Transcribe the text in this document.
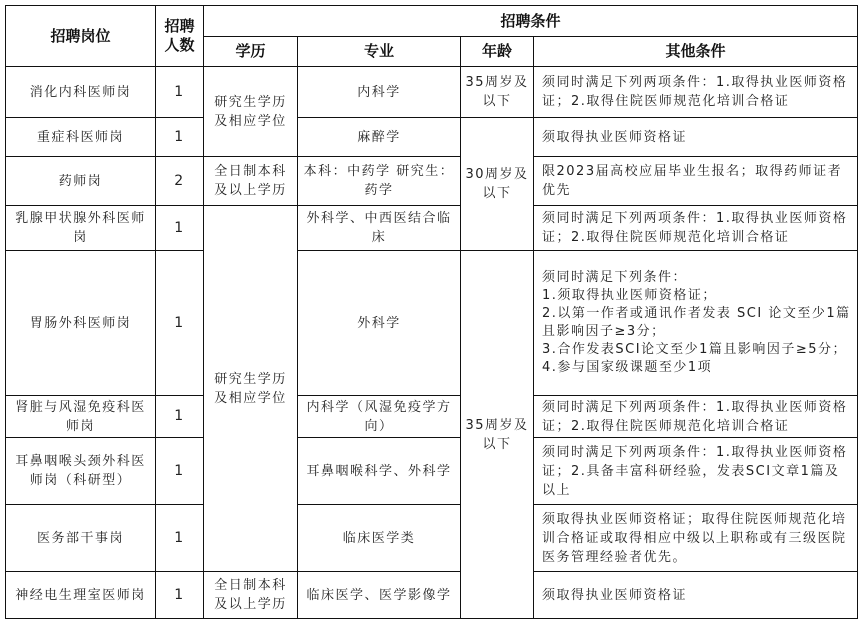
招聘岗位	招聘人数	招聘条件			
		学历	专业	年龄	其他条件
消化内科医师岗	1	研究生学历及相应学位	内科学	35周岁及以下	须同时满足下列两项条件：1.取得执业医师资格证；2.取得住院医师规范化培训合格证
重症科医师岗	1		麻醉学	30周岁及以下	须取得执业医师资格证
药师岗	2	全日制本科及以上学历	本科：中药学 研究生：药学		限2023届高校应届毕业生报名；取得药师证者优先
乳腺甲状腺外科医师岗	1	研究生学历及相应学位	外科学、中西医结合临床		须同时满足下列两项条件：1.取得执业医师资格证；2.取得住院医师规范化培训合格证
胃肠外科医师岗	1		外科学	35周岁及以下	须同时满足下列条件：
1.须取得执业医师资格证；
2.以第一作者或通讯作者发表 SCI 论文至少1篇且影响因子≥3分；
3.合作发表SCI论文至少1篇且影响因子≥5分；
4.参与国家级课题至少1项

肾脏与风湿免疫科医师岗	1		内科学（风湿免疫学方向）		须同时满足下列两项条件：1.取得执业医师资格证；2.取得住院医师规范化培训合格证
耳鼻咽喉头颈外科医师岗（科研型）	1		耳鼻咽喉科学、外科学		须同时满足下列两项条件：1.取得执业医师资格证；2.具备丰富科研经验，发表SCI文章1篇及以上
医务部干事岗	1		临床医学类		须取得执业医师资格证；取得住院医师规范化培训合格证或取得相应中级以上职称或有三级医院医务管理经验者优先。
神经电生理室医师岗	1	全日制本科及以上学历	临床医学、医学影像学		须取得执业医师资格证
